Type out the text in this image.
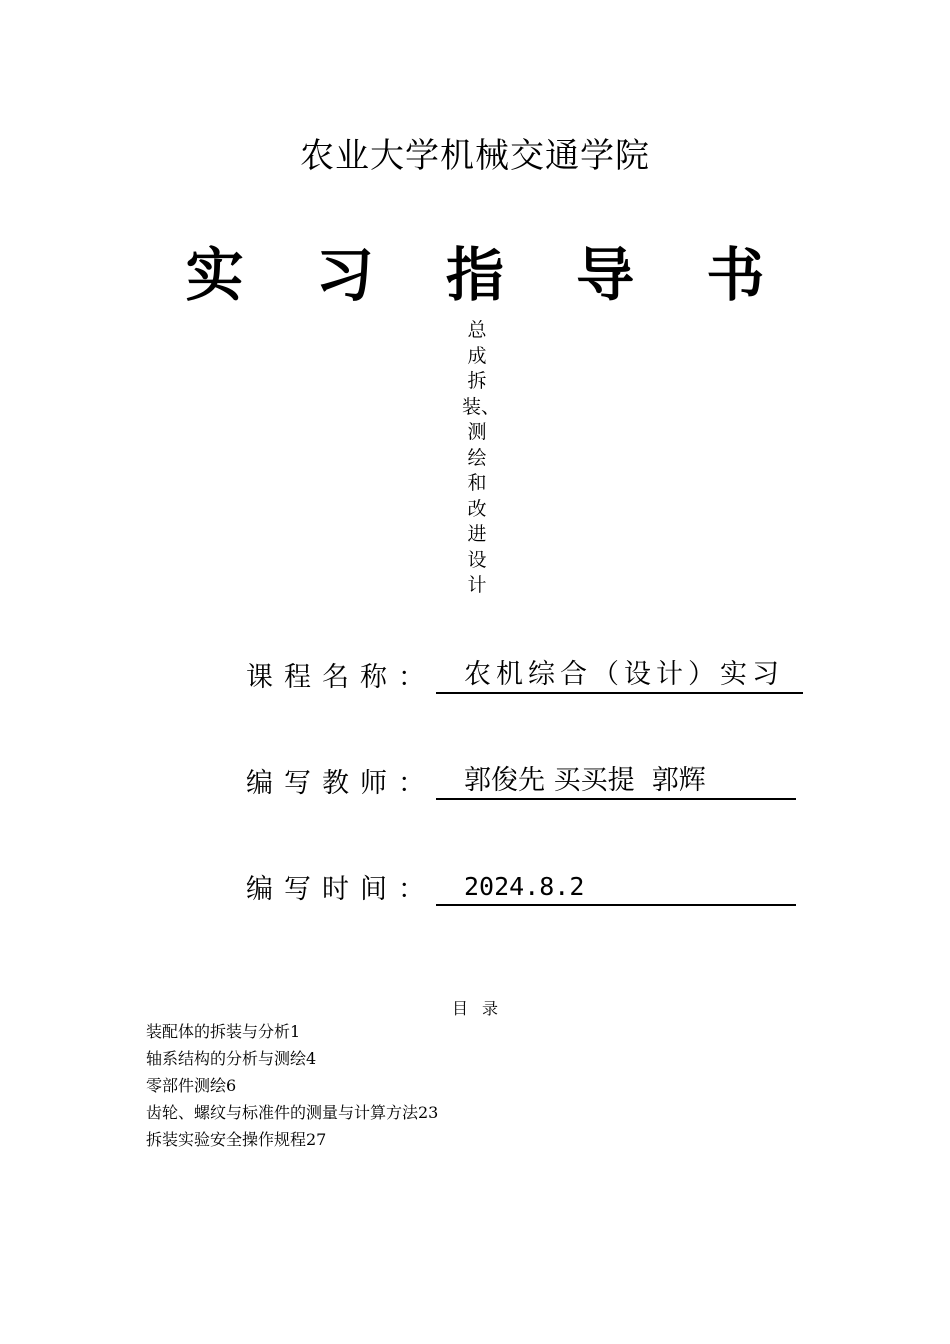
农业大学机械交通学院
实 习 指 导 书
总成拆装、测绘和改进设计
课程名称：	农机综合（设计）实习
编写教师：	郭俊先 买买提  郭辉
编写时间：	2024.8.2
目录
装配体的拆装与分析1
轴系结构的分析与测绘4
零部件测绘6
齿轮、螺纹与标准件的测量与计算方法23
拆装实验安全操作规程27
